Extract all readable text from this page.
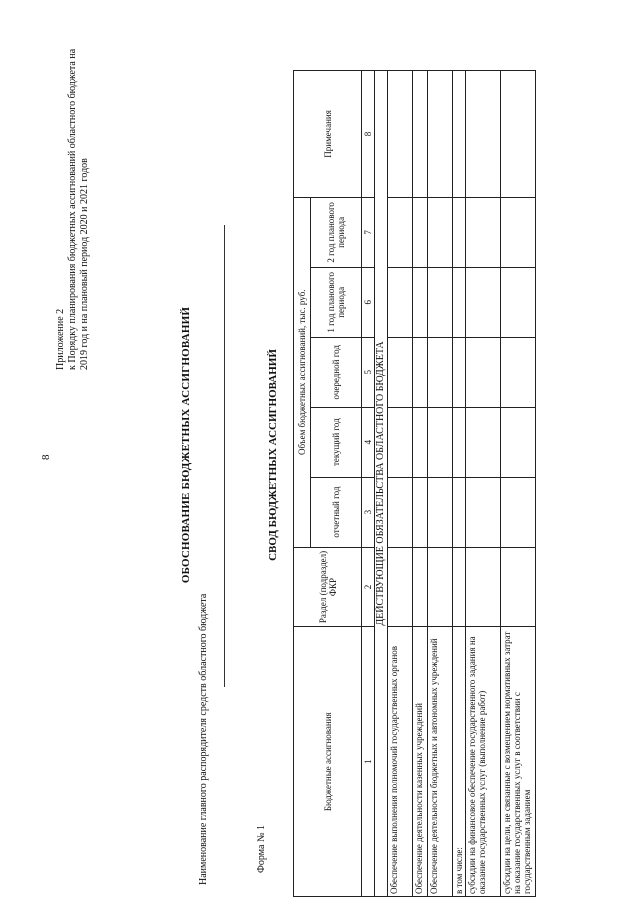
8
Приложение 2 к Порядку планирования бюджетных ассигнований областного бюджета на 2019 год и на плановый период 2020 и 2021 годов
ОБОСНОВАНИЕ БЮДЖЕТНЫХ АССИГНОВАНИЙ
Наименование главного распорядителя средств областного бюджета	Форма № 1
СВОД БЮДЖЕТНЫХ АССИГНОВАНИЙ
Бюджетные ассигнования	Раздел (подраздел) ФКР	Объем бюджетных ассигнований, тыс. руб.					Примечания
		отчетный год	текущий год	очередной год	1 год планового периода	2 год планового периода	
1	2	3	4	5	6	7	8
ДЕЙСТВУЮЩИЕ ОБЯЗАТЕЛЬСТВА ОБЛАСТНОГО БЮДЖЕТА							
Обеспечение выполнения полномочий государственных органов							
Обеспечение деятельности казенных учреждений							
Обеспечение деятельности бюджетных и автономных учреждений							
в том числе:							
субсидии на финансовое обеспечение государственного задания на оказание государственных услуг (выполнение работ)							
субсидии на цели, не связанные с возмещением нормативных затрат на оказание государственных услуг в соответствии с государственным заданием							
